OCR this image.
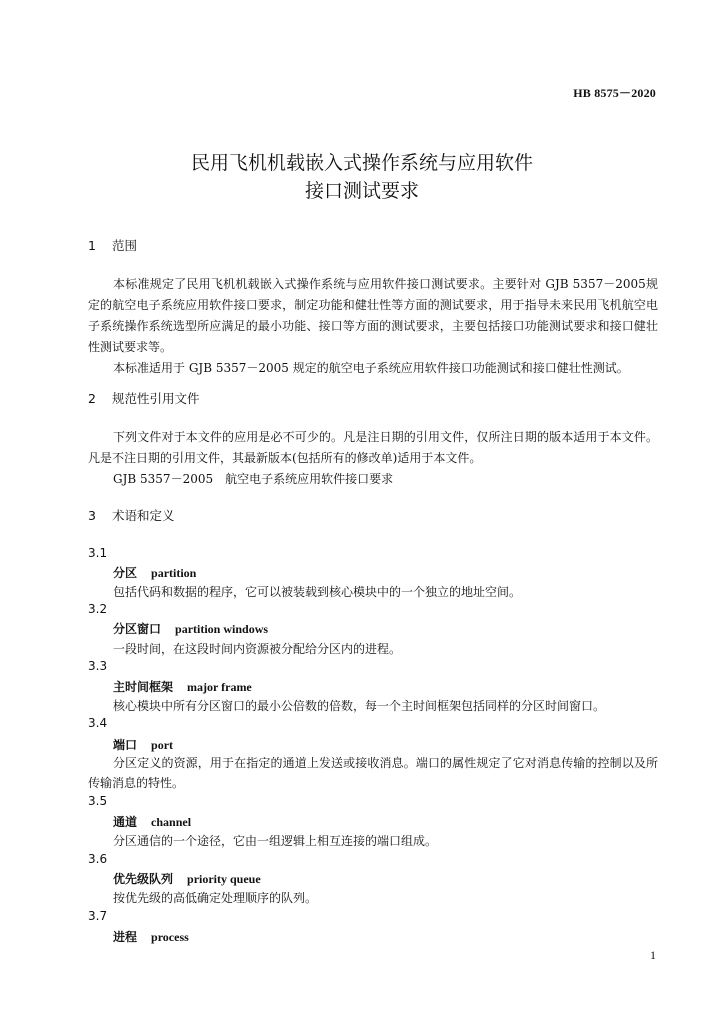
HB 8575－2020
民用飞机机载嵌入式操作系统与应用软件
接口测试要求
1 范围

本标准规定了民用飞机机载嵌入式操作系统与应用软件接口测试要求。主要针对 GJB 5357－2005规定的航空电子系统应用软件接口要求，制定功能和健壮性等方面的测试要求，用于指导未来民用飞机航空电子系统操作系统选型所应满足的最小功能、接口等方面的测试要求，主要包括接口功能测试要求和接口健壮性测试要求等。

本标准适用于 GJB 5357－2005 规定的航空电子系统应用软件接口功能测试和接口健壮性测试。

2 规范性引用文件

下列文件对于本文件的应用是必不可少的。凡是注日期的引用文件，仅所注日期的版本适用于本文件。凡是不注日期的引用文件，其最新版本(包括所有的修改单)适用于本文件。

GJB 5357－2005　航空电子系统应用软件接口要求

3 术语和定义
3.1
分区 partition
包括代码和数据的程序，它可以被装载到核心模块中的一个独立的地址空间。
3.2
分区窗口 partition windows
一段时间，在这段时间内资源被分配给分区内的进程。
3.3
主时间框架 major frame
核心模块中所有分区窗口的最小公倍数的倍数，每一个主时间框架包括同样的分区时间窗口。
3.4
端口 port

分区定义的资源，用于在指定的通道上发送或接收消息。端口的属性规定了它对消息传输的控制以及所传输消息的特性。

3.5
通道 channel
分区通信的一个途径，它由一组逻辑上相互连接的端口组成。
3.6
优先级队列 priority queue
按优先级的高低确定处理顺序的队列。
3.7
进程 process
1
